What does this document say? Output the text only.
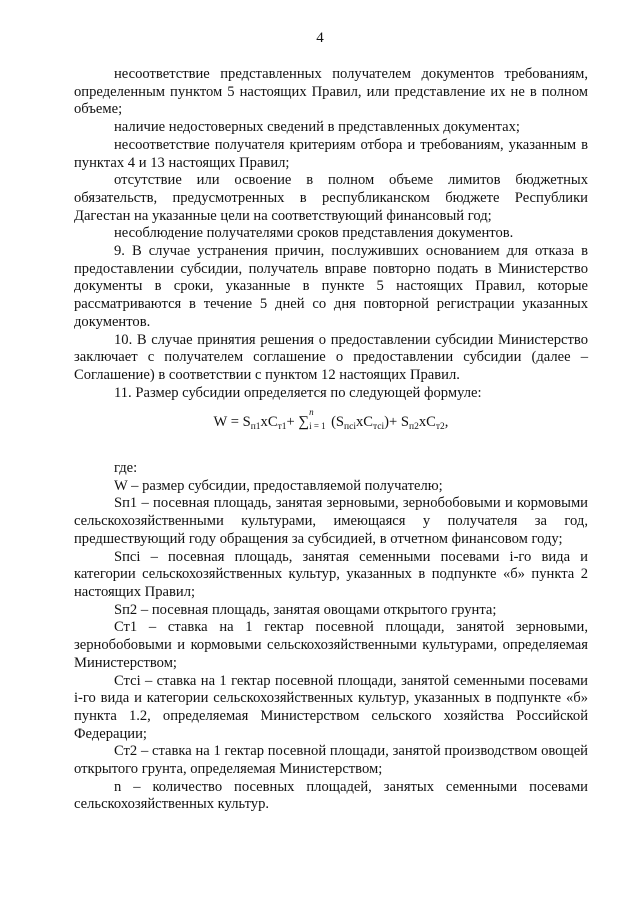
4

несоответствие представленных получателем документов требованиям, определенным пунктом 5 настоящих Правил, или представление их не в полном объеме;

наличие недостоверных сведений в представленных документах;

несоответствие получателя критериям отбора и требованиям, указанным в пунктах 4 и 13 настоящих Правил;

отсутствие или освоение в полном объеме лимитов бюджетных обязательств, предусмотренных в республиканском бюджете Республики Дагестан на указанные цели на соответствующий финансовый год;

несоблюдение получателями сроков представления документов.

9. В случае устранения причин, послуживших основанием для отказа в предоставлении субсидии, получатель вправе повторно подать в Министерство документы в сроки, указанные в пункте 5 настоящих Правил, которые рассматриваются в течение 5 дней со дня повторной регистрации указанных документов.

10. В случае принятия решения о предоставлении субсидии Министерство заключает с получателем соглашение о предоставлении субсидии (далее – Соглашение) в соответствии с пунктом 12 настоящих Правил.

11. Размер субсидии определяется по следующей формуле:

$W = S_{п1}хС_{т1}+$ ∑
n
i = 1 $(S_{псi}хС_{тсi})+ S_{п2}хС_{т2}$,

где:

W – размер субсидии, предоставляемой получателю;

Sп1 – посевная площадь, занятая зерновыми, зернобобовыми и кормовыми сельскохозяйственными культурами, имеющаяся у получателя за год, предшествующий году обращения за субсидией, в отчетном финансовом году;

Sпсi – посевная площадь, занятая семенными посевами i-го вида и категории сельскохозяйственных культур, указанных в подпункте «б» пункта 2 настоящих Правил;

Sп2 – посевная площадь, занятая овощами открытого грунта;

Ст1 – ставка на 1 гектар посевной площади, занятой зерновыми, зернобобовыми и кормовыми сельскохозяйственными культурами, определяемая Министерством;

Стсi – ставка на 1 гектар посевной площади, занятой семенными посевами i-го вида и категории сельскохозяйственных культур, указанных в подпункте «б» пункта 1.2, определяемая Министерством сельского хозяйства Российской Федерации;

Ст2 – ставка на 1 гектар посевной площади, занятой производством овощей открытого грунта, определяемая Министерством;

n – количество посевных площадей, занятых семенными посевами сельскохозяйственных культур.
